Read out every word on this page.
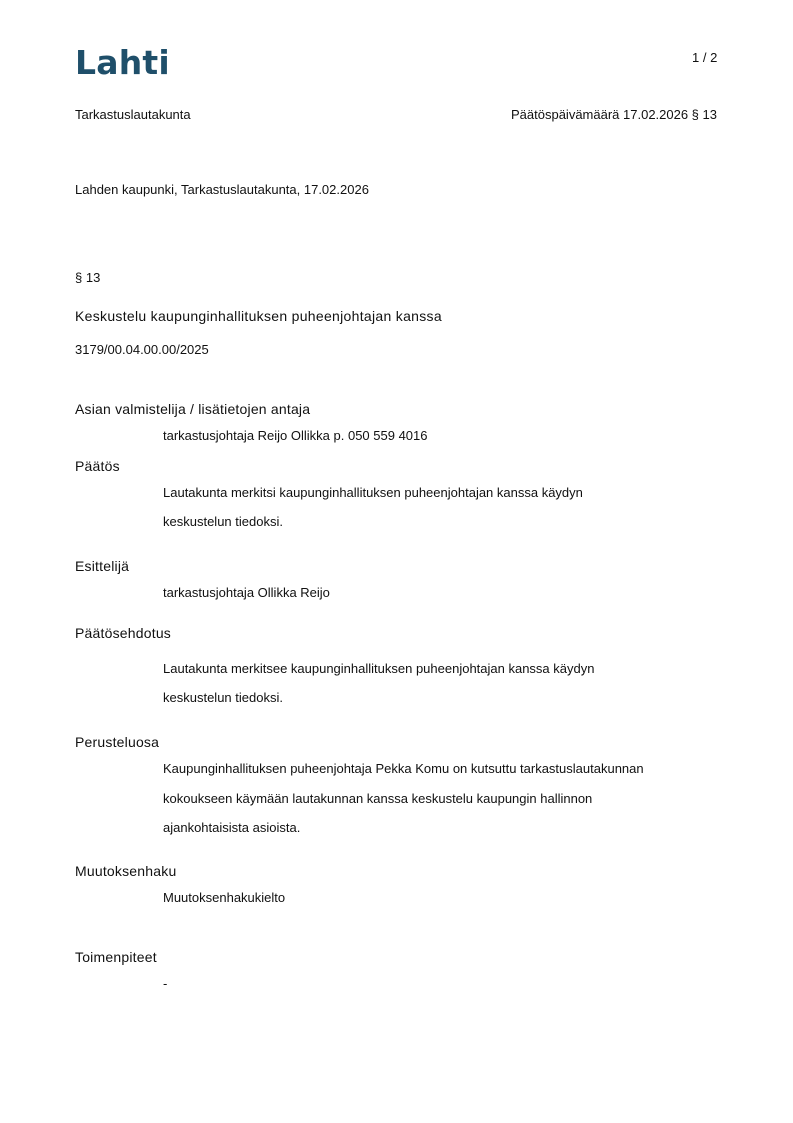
Lahti	1 / 2
Tarkastuslautakunta	Päätöspäivämäärä 17.02.2026 § 13
Lahden kaupunki, Tarkastuslautakunta, 17.02.2026
§ 13
Keskustelu kaupunginhallituksen puheenjohtajan kanssa
3179/00.04.00.00/2025
Asian valmistelija / lisätietojen antaja
tarkastusjohtaja Reijo Ollikka p. 050 559 4016
Päätös
Lautakunta merkitsi kaupunginhallituksen puheenjohtajan kanssa käydyn
keskustelun tiedoksi.
Esittelijä
tarkastusjohtaja Ollikka Reijo
Päätösehdotus
Lautakunta merkitsee kaupunginhallituksen puheenjohtajan kanssa käydyn
keskustelun tiedoksi.
Perusteluosa
Kaupunginhallituksen puheenjohtaja Pekka Komu on kutsuttu tarkastuslautakunnan
kokoukseen käymään lautakunnan kanssa keskustelu kaupungin hallinnon
ajankohtaisista asioista.
Muutoksenhaku
Muutoksenhakukielto
Toimenpiteet
-
